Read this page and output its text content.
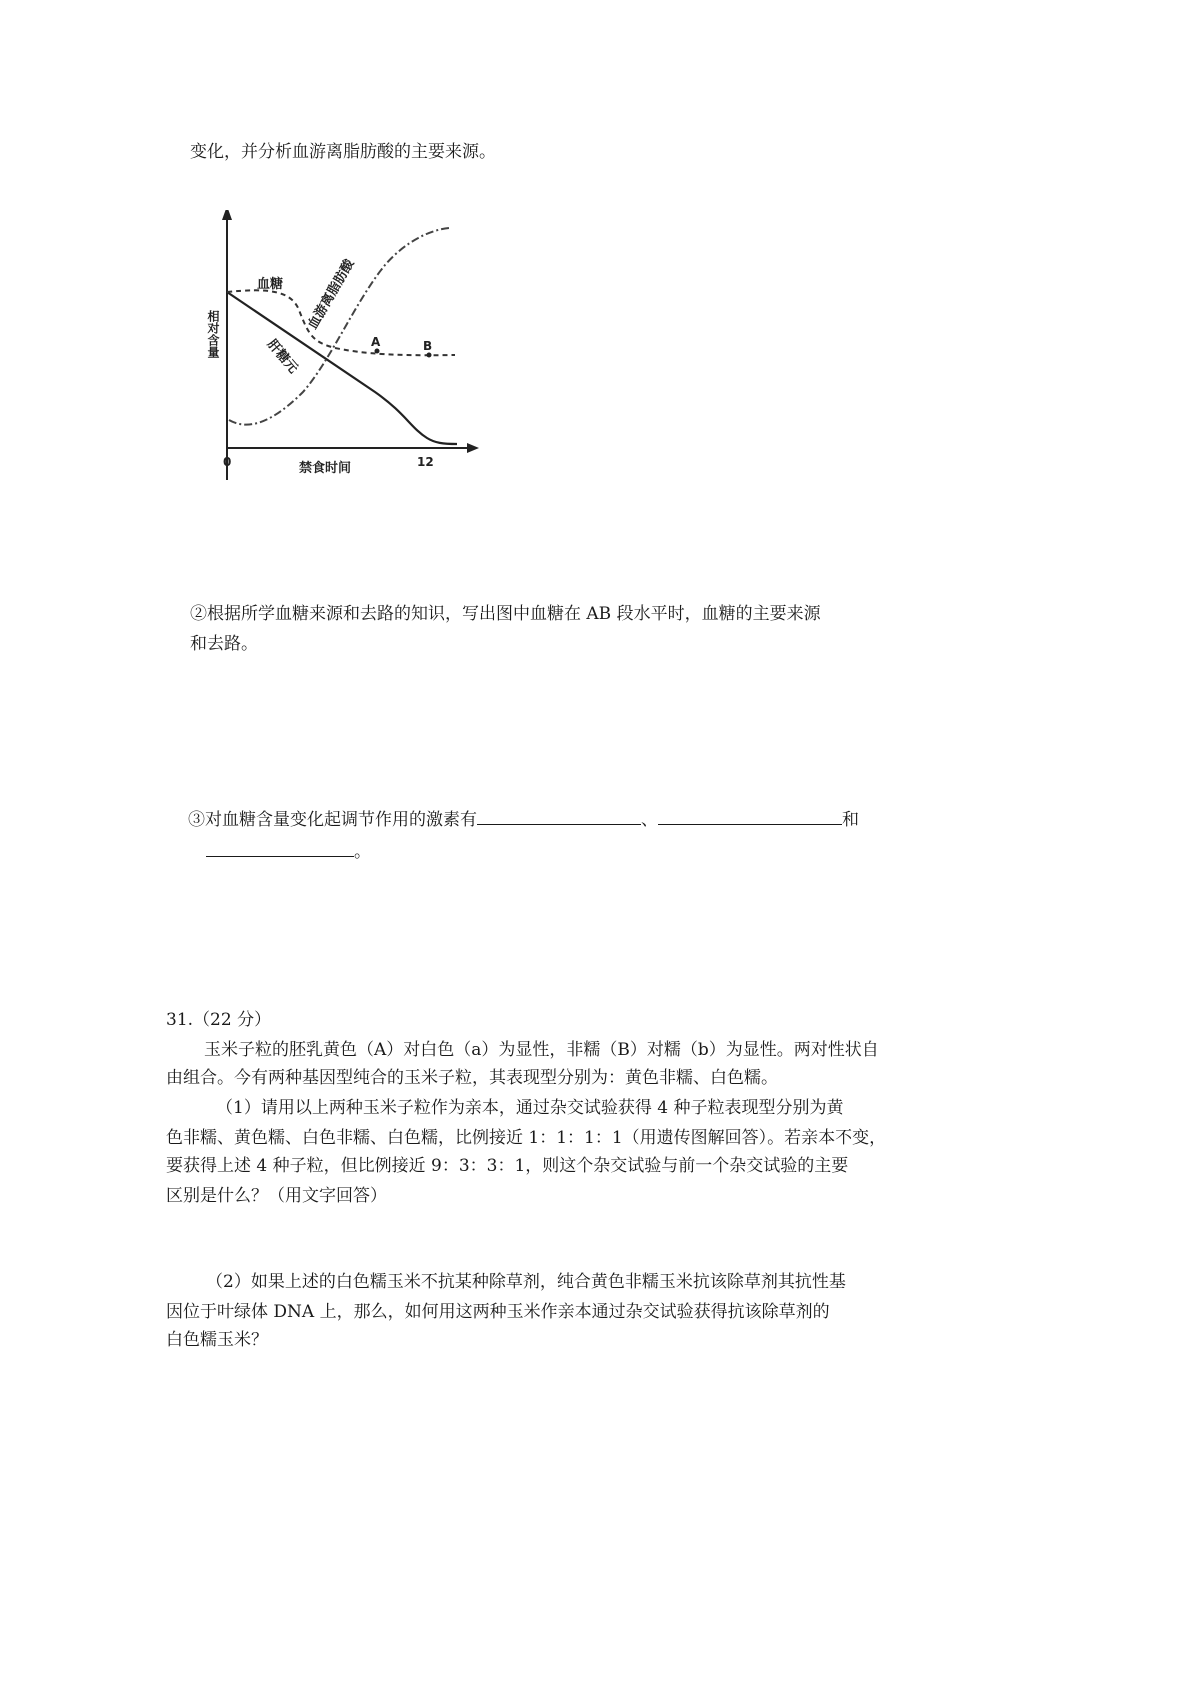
变化，并分析血游离脂肪酸的主要来源。
血糖
肝糖元
血游离脂肪酸
A	B
相对含量
0	12
禁食时间
②根据所学血糖来源和去路的知识，写出图中血糖在 AB 段水平时，血糖的主要来源
和去路。
③对血糖含量变化起调节作用的激素有	、	和
。
31.（22 分）
玉米子粒的胚乳黄色（A）对白色（a）为显性，非糯（B）对糯（b）为显性。两对性状自
由组合。今有两种基因型纯合的玉米子粒，其表现型分别为：黄色非糯、白色糯。
（1）请用以上两种玉米子粒作为亲本，通过杂交试验获得 4 种子粒表现型分别为黄
色非糯、黄色糯、白色非糯、白色糯，比例接近 1：1：1：1（用遗传图解回答）。若亲本不变，
要获得上述 4 种子粒，但比例接近 9：3：3：1，则这个杂交试验与前一个杂交试验的主要
区别是什么？（用文字回答）
（2）如果上述的白色糯玉米不抗某种除草剂，纯合黄色非糯玉米抗该除草剂其抗性基
因位于叶绿体 DNA 上，那么，如何用这两种玉米作亲本通过杂交试验获得抗该除草剂的
白色糯玉米？
